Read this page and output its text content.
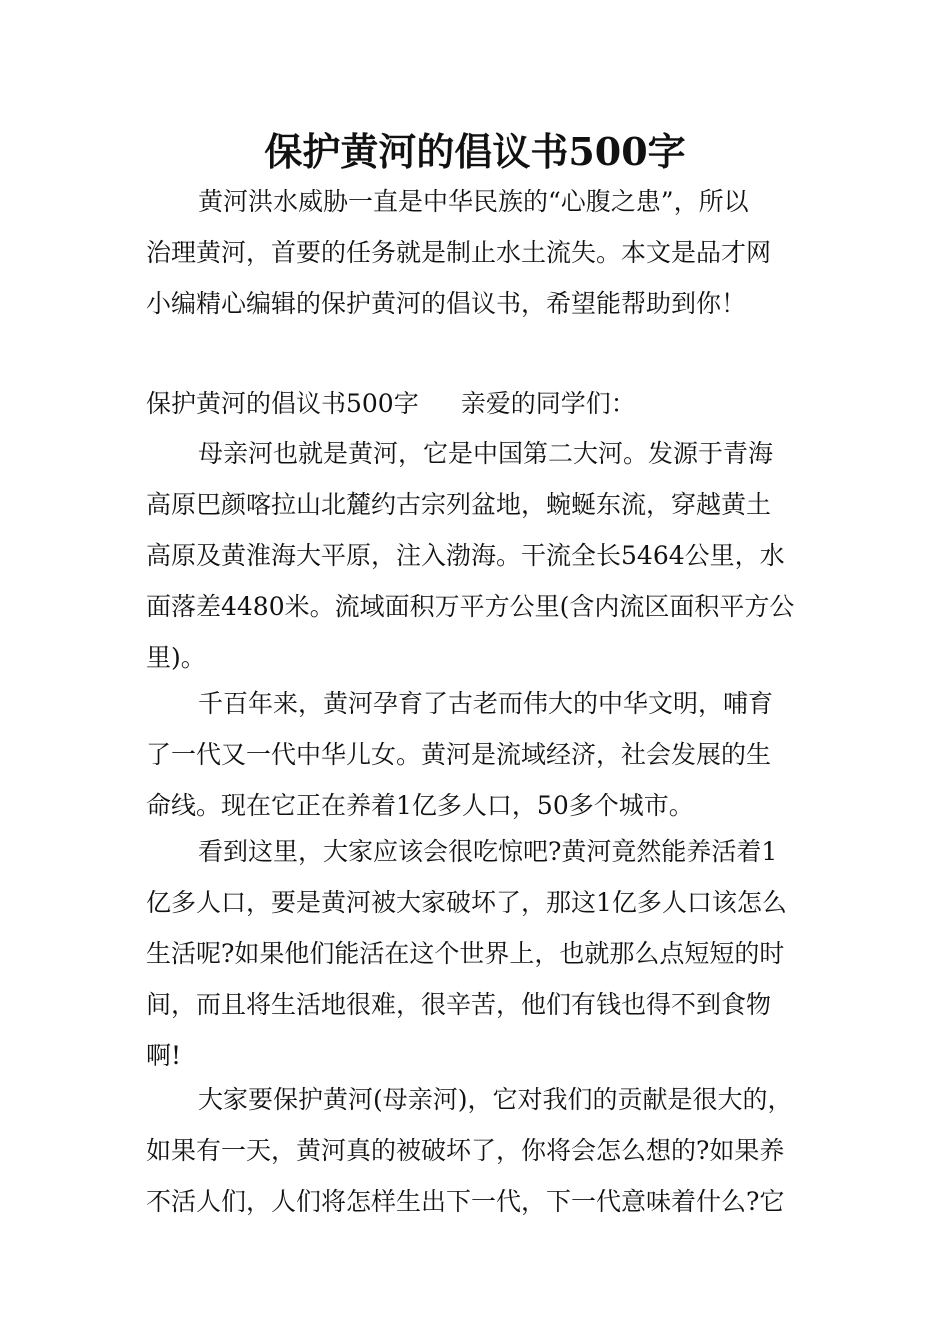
保护黄河的倡议书500字
黄河洪水威胁一直是中华民族的“心腹之患”，所以
治理黄河，首要的任务就是制止水土流失。本文是品才网
小编精心编辑的保护黄河的倡议书，希望能帮助到你！
保护黄河的倡议书500字 亲爱的同学们：
母亲河也就是黄河，它是中国第二大河。发源于青海
高原巴颜喀拉山北麓约古宗列盆地，蜿蜒东流，穿越黄土
高原及黄淮海大平原，注入渤海。干流全长5464公里，水
面落差4480米。流域面积万平方公里(含内流区面积平方公
里)。
千百年来，黄河孕育了古老而伟大的中华文明，哺育
了一代又一代中华儿女。黄河是流域经济，社会发展的生
命线。现在它正在养着1亿多人口，50多个城市。
看到这里，大家应该会很吃惊吧?黄河竟然能养活着1
亿多人口，要是黄河被大家破坏了，那这1亿多人口该怎么
生活呢?如果他们能活在这个世界上，也就那么点短短的时
间，而且将生活地很难，很辛苦，他们有钱也得不到食物
啊!
大家要保护黄河(母亲河)，它对我们的贡献是很大的，
如果有一天，黄河真的被破坏了，你将会怎么想的?如果养
不活人们，人们将怎样生出下一代，下一代意味着什么?它
